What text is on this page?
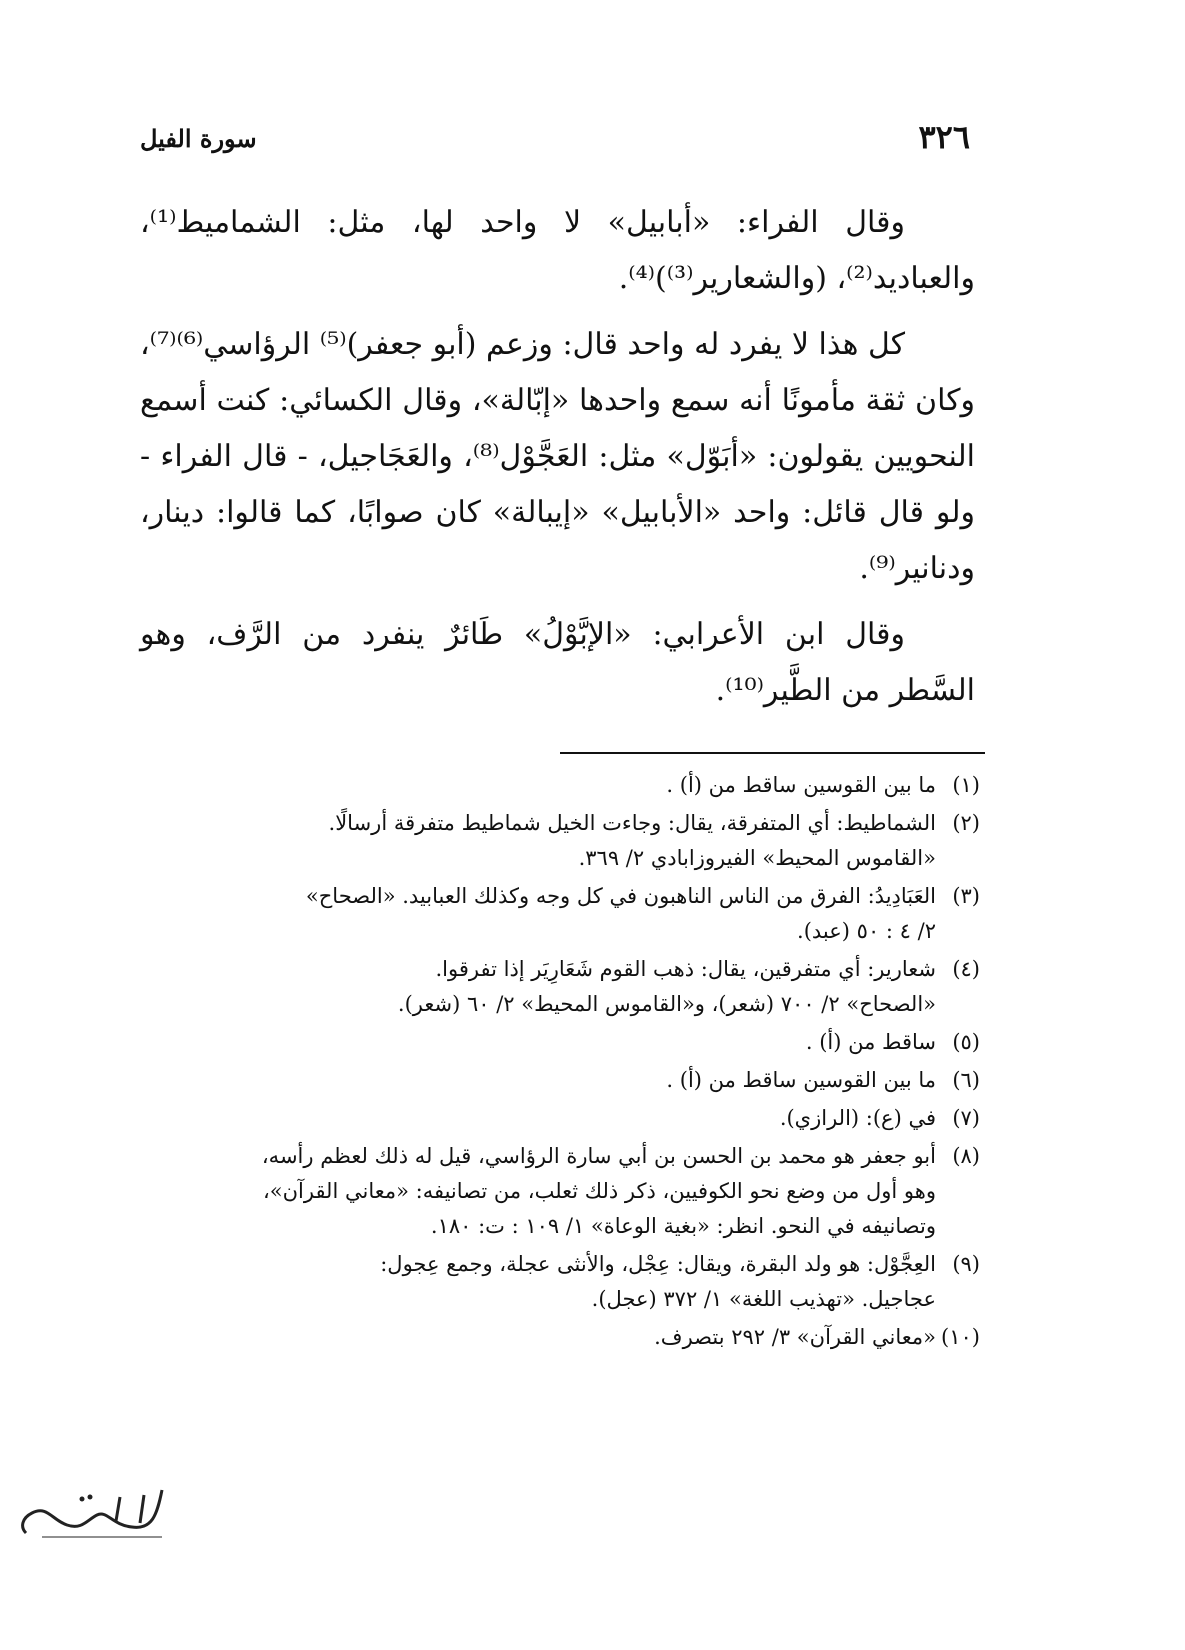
٣٢٦
سورة الفيل

وقال الفراء: «أبابيل» لا واحد لها، مثل: الشماميط⁽¹⁾، والعباديد⁽²⁾، (والشعارير⁽³⁾)⁽⁴⁾.

كل هذا لا يفرد له واحد قال: وزعم (أبو جعفر)⁽⁵⁾ الرؤاسي⁽⁶⁾⁽⁷⁾، وكان ثقة مأمونًا أنه سمع واحدها «إبّالة»، وقال الكسائي: كنت أسمع النحويين يقولون: «أبَوّل» مثل: العَجَّوْل⁽⁸⁾، والعَجَاجيل، - قال الفراء - ولو قال قائل: واحد «الأبابيل» «إيبالة» كان صوابًا، كما قالوا: دينار، ودنانير⁽⁹⁾.

وقال ابن الأعرابي: «الإبَّوْلُ» طَائرٌ ينفرد من الرَّف، وهو السَّطر من الطَّير⁽¹⁰⁾.

(١)
ما بين القوسين ساقط من (أ) .
(٢)
الشماطيط: أي المتفرقة، يقال: وجاءت الخيل شماطيط متفرقة أرسالًا.
«القاموس المحيط» الفيروزابادي ٢/ ٣٦٩.
(٣)
العَبَادِيدُ: الفرق من الناس الناهبون في كل وجه وكذلك العبابيد. «الصحاح»
٢/ ٤ : ٥٠ (عبد).
(٤)
شعارير: أي متفرقين، يقال: ذهب القوم شَعَارِيَر إذا تفرقوا.
«الصحاح» ٢/ ٧٠٠ (شعر)، و«القاموس المحيط» ٢/ ٦٠ (شعر).
(٥)
ساقط من (أ) .
(٦)
ما بين القوسين ساقط من (أ) .
(٧)
في (ع): (الرازي).
(٨)
أبو جعفر هو محمد بن الحسن بن أبي سارة الرؤاسي، قيل له ذلك لعظم رأسه،
وهو أول من وضع نحو الكوفيين، ذكر ذلك ثعلب، من تصانيفه: «معاني القرآن»،
وتصانيفه في النحو. انظر: «بغية الوعاة» ١/ ١٠٩ : ت: ١٨٠.
(٩)
العِجَّوْل: هو ولد البقرة، ويقال: عِجْل، والأنثى عجلة، وجمع عِجول:
عجاجيل. «تهذيب اللغة» ١/ ٣٧٢ (عجل).
(١٠)
«معاني القرآن» ٣/ ٢٩٢ بتصرف.
